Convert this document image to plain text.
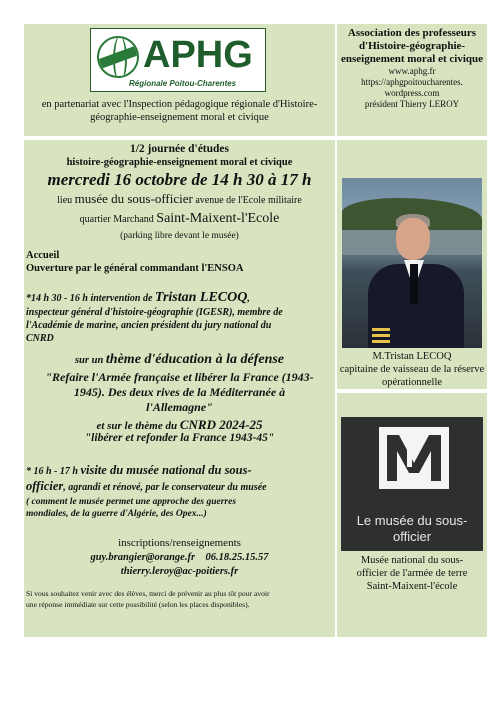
APHG
Régionale Poitou-Charentes
en partenariat avec l'Inspection pédagogique régionale d'Histoire-géographie-enseignement moral et civique
Association des professeurs d'Histoire-géographie-enseignement moral et civique
www.aphg.fr
https://aphgpoitoucharentes.
wordpress.com
président Thierry LEROY
1/2 journée d'études
histoire-géographie-enseignement moral et civique
mercredi 16 octobre de 14 h 30 à 17 h
lieu musée du sous-officier avenue de l'Ecole militaire
quartier Marchand Saint-Maixent-l'Ecole
(parking libre devant le musée)
Accueil
Ouverture par le général commandant l'ENSOA
*14 h 30 - 16 h intervention de Tristan LECOQ,
inspecteur général d'histoire-géographie (IGESR), membre de
l'Académie de marine, ancien président du jury national du
CNRD
sur un thème d'éducation à la défense
"Refaire l'Armée française et libérer la France (1943-
1945). Des deux rives de la Méditerranée à
l'Allemagne"
et sur le thème du CNRD 2024-25
"libérer et refonder la France 1943-45"
* 16 h - 17 h visite du musée national du sous-
officier, agrandi et rénové, par le conservateur du musée
( comment le musée permet une approche des guerres
mondiales, de la guerre d'Algérie, des Opex...)
inscriptions/renseignements
guy.brangier@orange.fr    06.18.25.15.57
thierry.leroy@ac-poitiers.fr
Si vous souhaitez venir avec des élèves, merci de prévenir au plus tôt pour avoir
une réponse immédiate sur cette possibilité (selon les places disponibles).
M.Tristan LECOQ
capitaine de vaisseau de la réserve opérationnelle
Le musée du sous-
officier
Musée national du sous-
officier de l'armée de terre
Saint-Maixent-l'école
